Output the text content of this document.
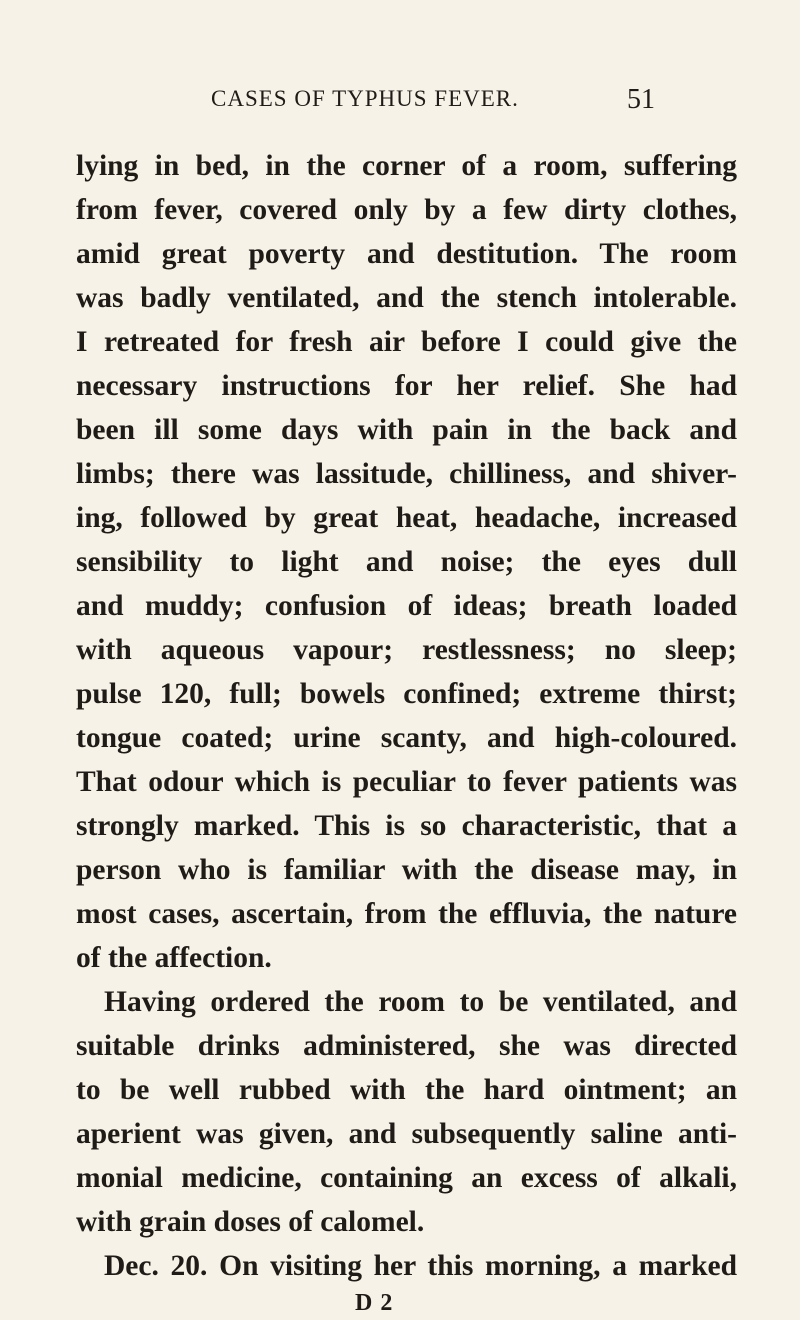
CASES OF TYPHUS FEVER.	51
lying in bed, in the corner of a room, suffering
from fever, covered only by a few dirty clothes,
amid great poverty and destitution. The room
was badly ventilated, and the stench intolerable.
I retreated for fresh air before I could give the
necessary instructions for her relief. She had
been ill some days with pain in the back and
limbs; there was lassitude, chilliness, and shiver-
ing, followed by great heat, headache, increased
sensibility to light and noise; the eyes dull
and muddy; confusion of ideas; breath loaded
with aqueous vapour; restlessness; no sleep;
pulse 120, full; bowels confined; extreme thirst;
tongue coated; urine scanty, and high-coloured.
That odour which is peculiar to fever patients was
strongly marked. This is so characteristic, that a
person who is familiar with the disease may, in
most cases, ascertain, from the effluvia, the nature
of the affection.
Having ordered the room to be ventilated, and
suitable drinks administered, she was directed
to be well rubbed with the hard ointment; an
aperient was given, and subsequently saline anti-
monial medicine, containing an excess of alkali,
with grain doses of calomel.
Dec. 20. On visiting her this morning, a marked
D 2
